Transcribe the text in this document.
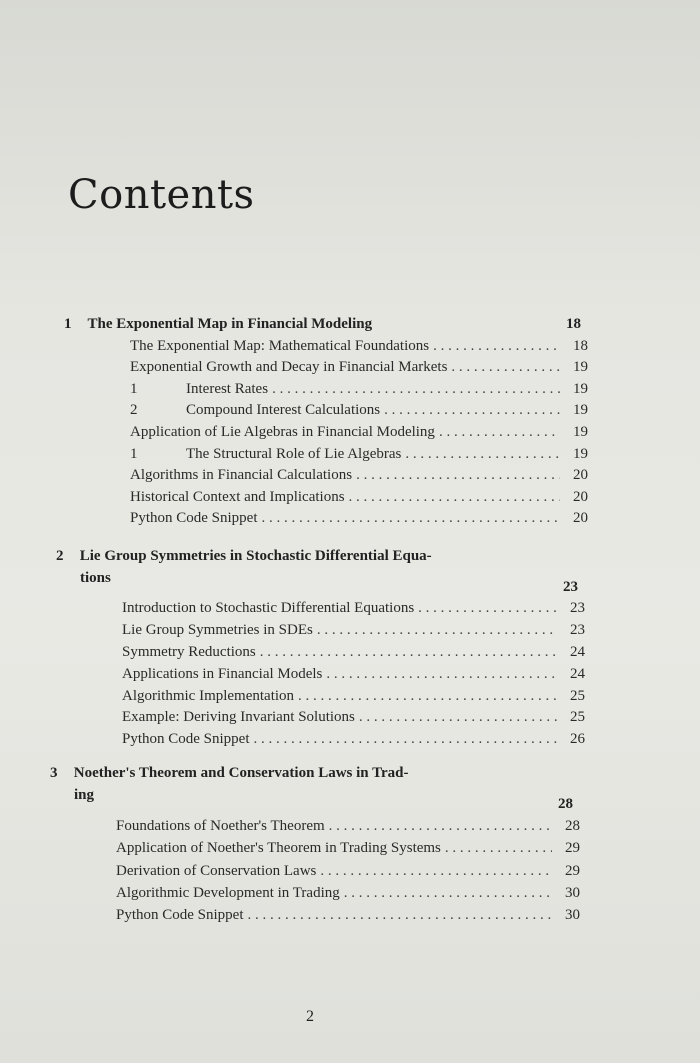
Contents
1 The Exponential Map in Financial Modeling	18
The Exponential Map: Mathematical Foundations . . .	18
Exponential Growth and Decay in Financial Markets . . .	19
1	Interest Rates . . .	19
2	Compound Interest Calculations . . .	19
Application of Lie Algebras in Financial Modeling . . .	19
1	The Structural Role of Lie Algebras . . .	19
Algorithms in Financial Calculations . . .	20
Historical Context and Implications . . .	20
Python Code Snippet . . .	20
2 Lie Group Symmetries in Stochastic Differential Equa-
tions
23
Introduction to Stochastic Differential Equations . . .	23
Lie Group Symmetries in SDEs . . .	23
Symmetry Reductions . . .	24
Applications in Financial Models . . .	24
Algorithmic Implementation . . .	25
Example: Deriving Invariant Solutions . . .	25
Python Code Snippet . . .	26
3 Noether's Theorem and Conservation Laws in Trad-
ing
28
Foundations of Noether's Theorem . . .	28
Application of Noether's Theorem in Trading Systems . . .	29
Derivation of Conservation Laws . . .	29
Algorithmic Development in Trading . . .	30
Python Code Snippet . . .	30
2
